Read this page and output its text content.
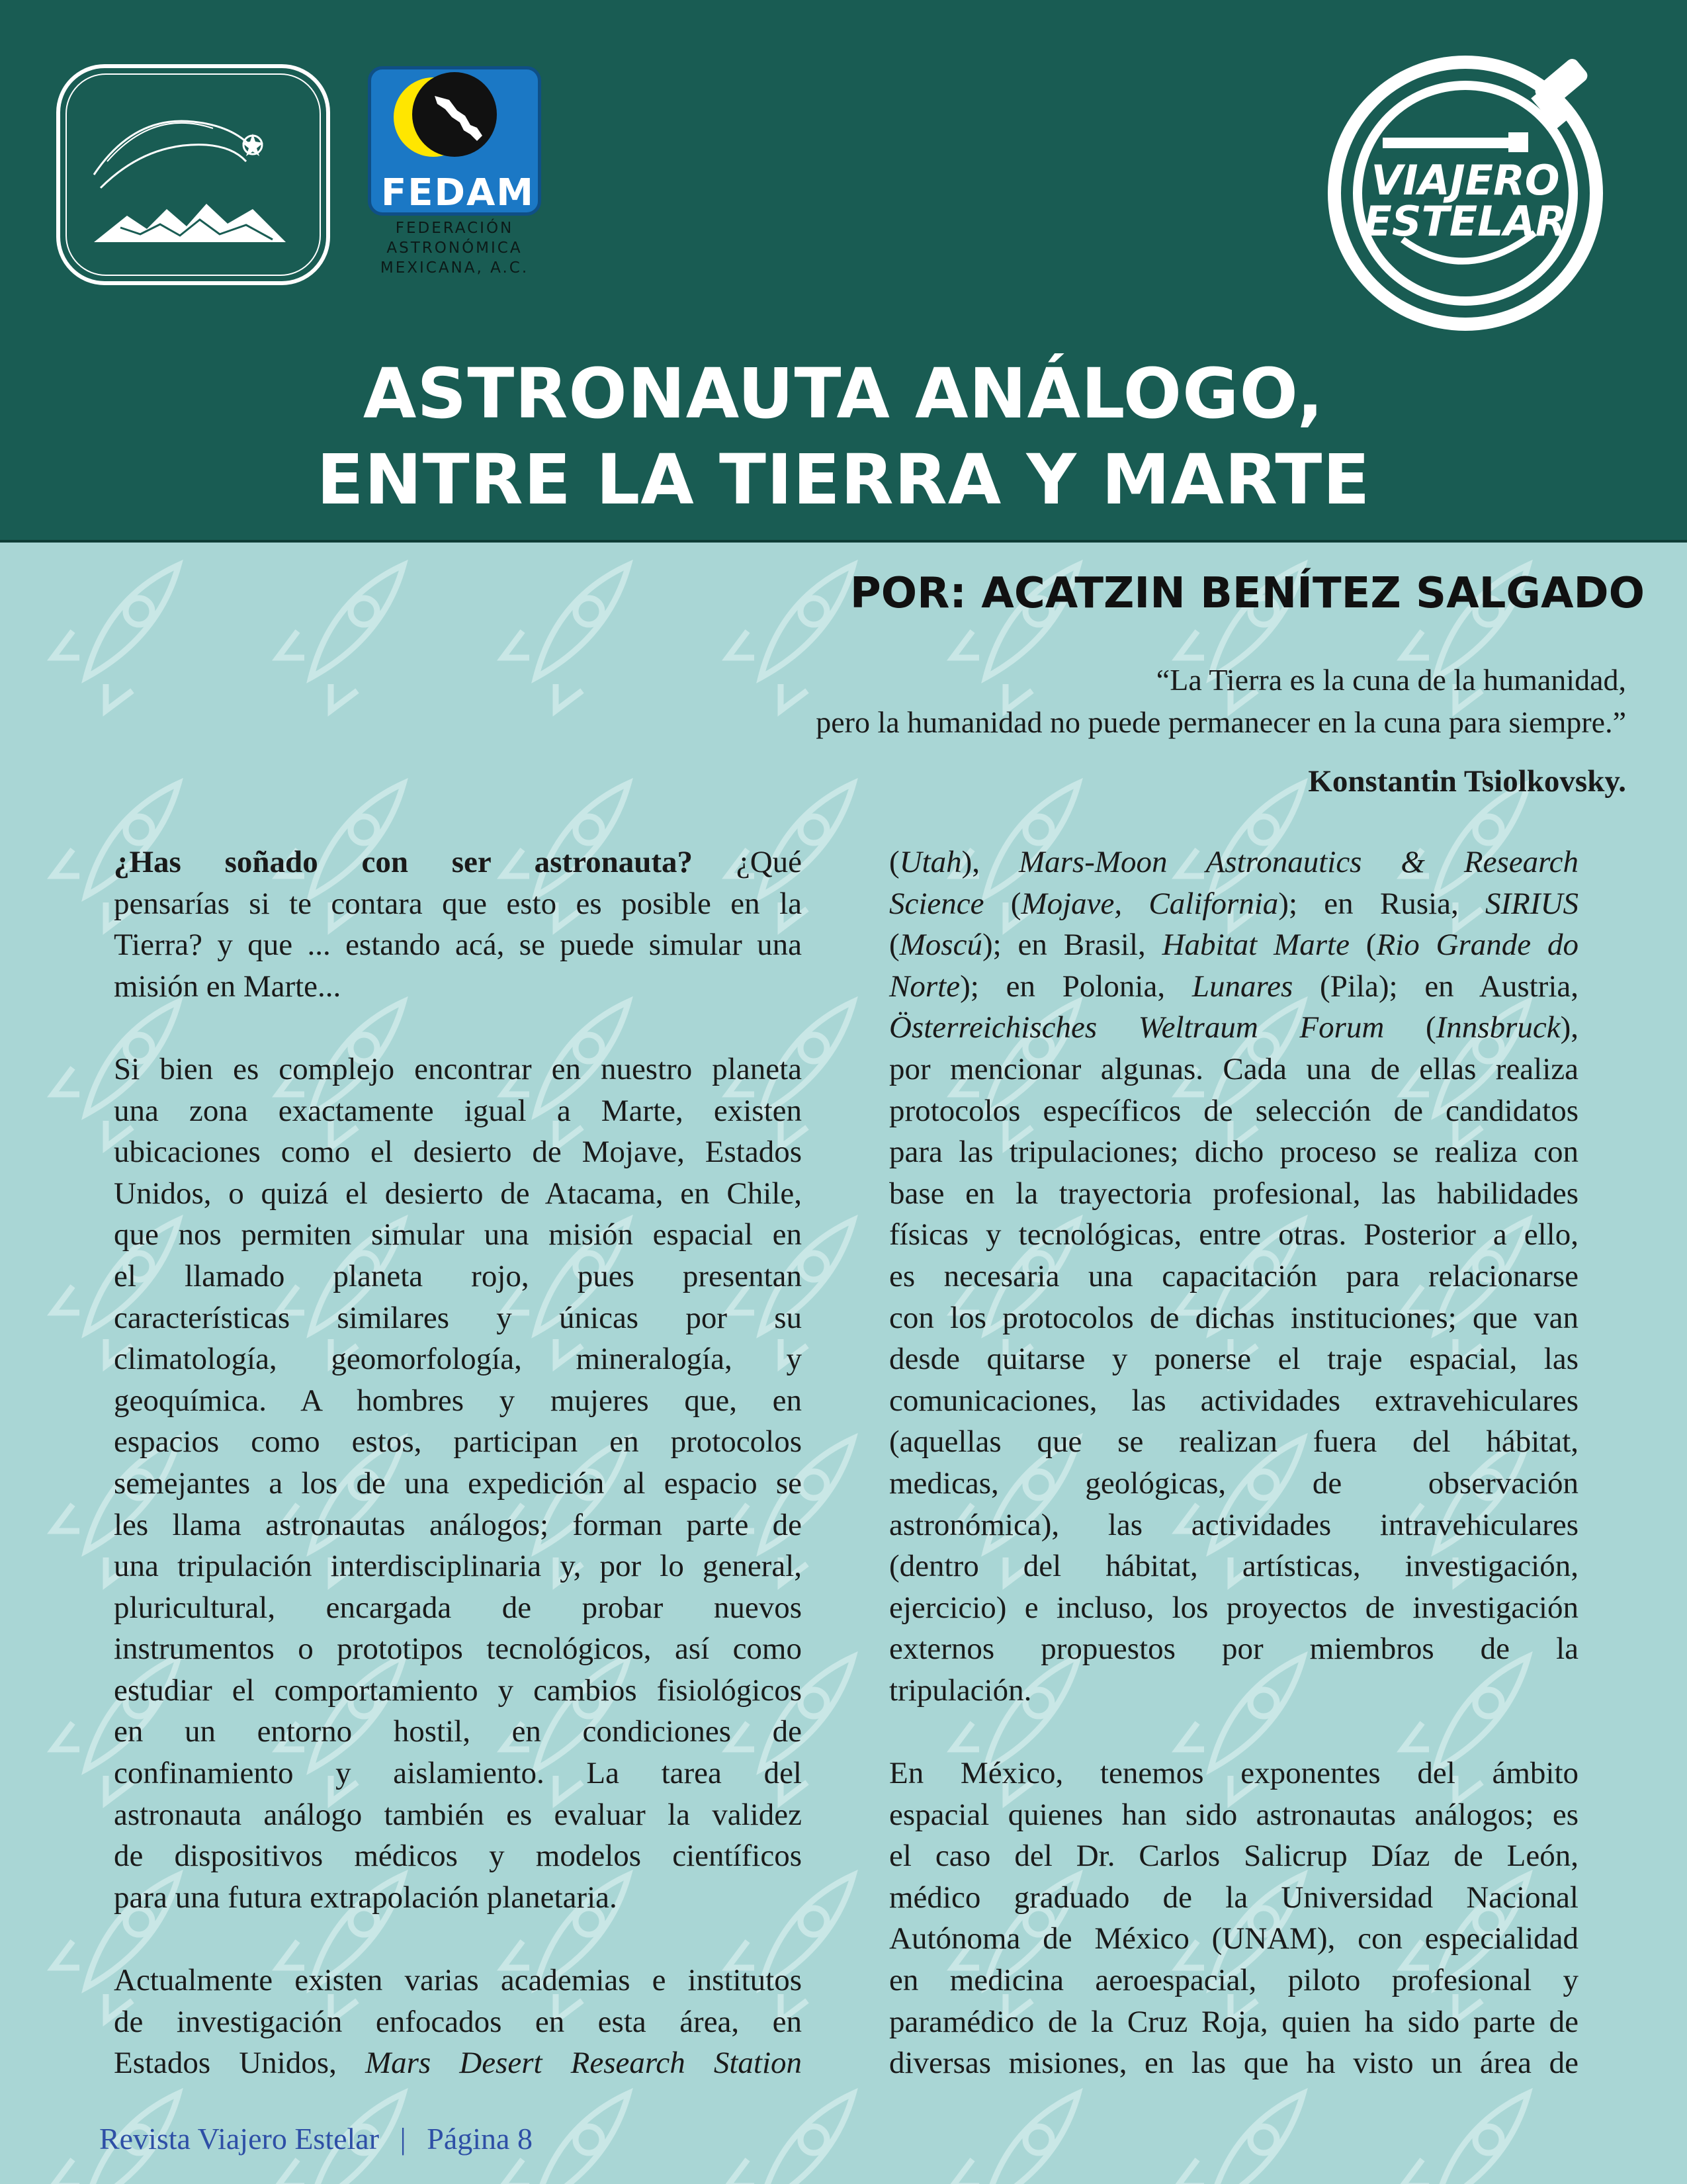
FEDAM
FEDERACIÓN
ASTRONÓMICA
MEXICANA, A.C.
VIAJERO
ESTELAR
ASTRONAUTA ANÁLOGO,
ENTRE LA TIERRA Y MARTE
POR: ACATZIN BENÍTEZ SALGADO
“La Tierra es la cuna de la humanidad,
pero la humanidad no puede permanecer en la cuna para siempre.”
Konstantin Tsiolkovsky.
¿Has soñado con ser astronauta? ¿Qué
pensarías si te contara que esto es posible en la
Tierra? y que ... estando acá, se puede simular una
misión en Marte...
Si bien es complejo encontrar en nuestro planeta
una zona exactamente igual a Marte, existen
ubicaciones como el desierto de Mojave, Estados
Unidos, o quizá el desierto de Atacama, en Chile,
que nos permiten simular una misión espacial en
el llamado planeta rojo, pues presentan
características similares y únicas por su
climatología, geomorfología, mineralogía, y
geoquímica. A hombres y mujeres que, en
espacios como estos, participan en protocolos
semejantes a los de una expedición al espacio se
les llama astronautas análogos; forman parte de
una tripulación interdisciplinaria y, por lo general,
pluricultural, encargada de probar nuevos
instrumentos o prototipos tecnológicos, así como
estudiar el comportamiento y cambios fisiológicos
en un entorno hostil, en condiciones de
confinamiento y aislamiento. La tarea del
astronauta análogo también es evaluar la validez
de dispositivos médicos y modelos científicos
para una futura extrapolación planetaria.
Actualmente existen varias academias e institutos
de investigación enfocados en esta área, en
Estados Unidos, Mars Desert Research Station
(Utah), Mars-Moon Astronautics & Research
Science (Mojave, California); en Rusia, SIRIUS
(Moscú); en Brasil, Habitat Marte (Rio Grande do
Norte); en Polonia, Lunares (Pila); en Austria,
Österreichisches Weltraum Forum (Innsbruck),
por mencionar algunas. Cada una de ellas realiza
protocolos específicos de selección de candidatos
para las tripulaciones; dicho proceso se realiza con
base en la trayectoria profesional, las habilidades
físicas y tecnológicas, entre otras. Posterior a ello,
es necesaria una capacitación para relacionarse
con los protocolos de dichas instituciones; que van
desde quitarse y ponerse el traje espacial, las
comunicaciones, las actividades extravehiculares
(aquellas que se realizan fuera del hábitat,
medicas, geológicas, de observación
astronómica), las actividades intravehiculares
(dentro del hábitat, artísticas, investigación,
ejercicio) e incluso, los proyectos de investigación
externos propuestos por miembros de la
tripulación.
En México, tenemos exponentes del ámbito
espacial quienes han sido astronautas análogos; es
el caso del Dr. Carlos Salicrup Díaz de León,
médico graduado de la Universidad Nacional
Autónoma de México (UNAM), con especialidad
en medicina aeroespacial, piloto profesional y
paramédico de la Cruz Roja, quien ha sido parte de
diversas misiones, en las que ha visto un área de
Revista Viajero Estelar | Página 8
